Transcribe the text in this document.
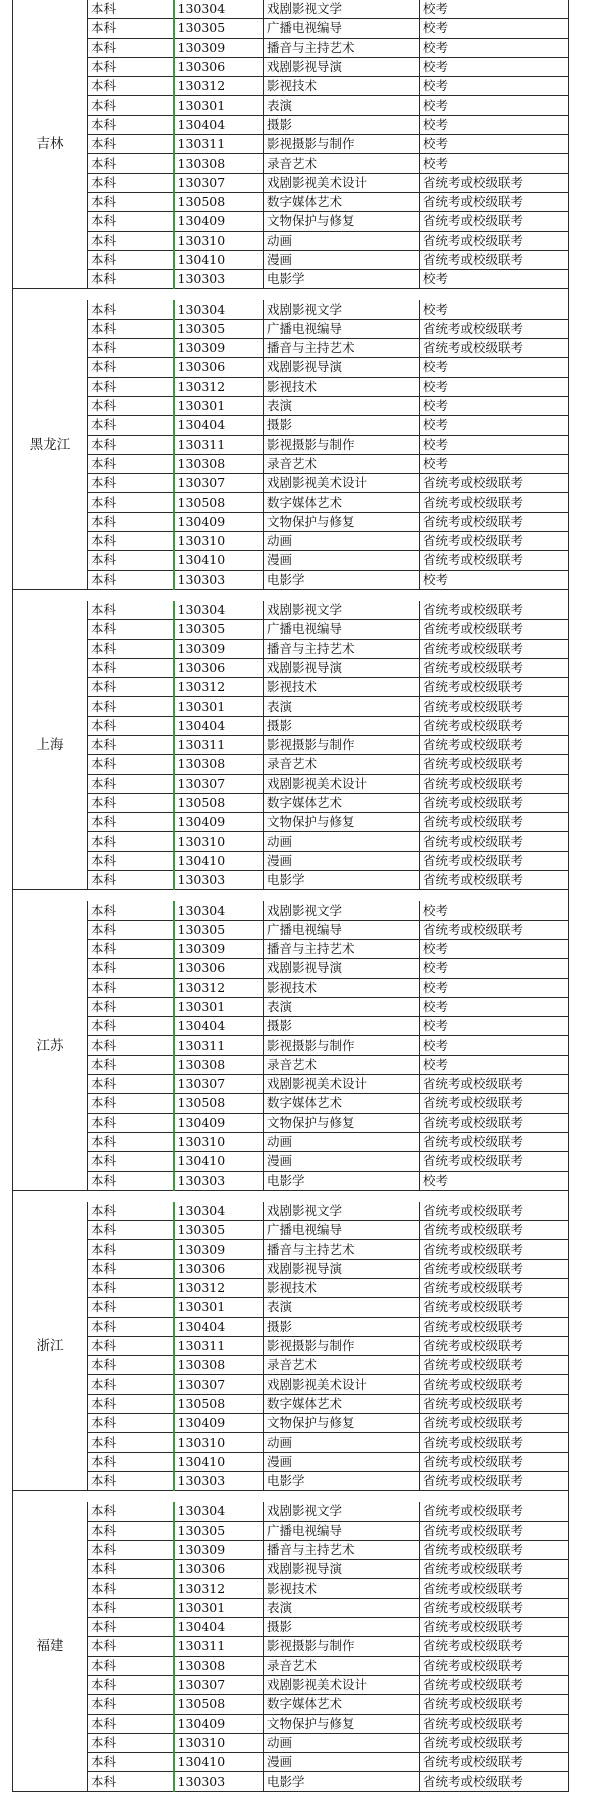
吉林	本科	130304	戏剧影视文学	校考
	本科	130305	广播电视编导	校考
	本科	130309	播音与主持艺术	校考
	本科	130306	戏剧影视导演	校考
	本科	130312	影视技术	校考
	本科	130301	表演	校考
	本科	130404	摄影	校考
	本科	130311	影视摄影与制作	校考
	本科	130308	录音艺术	校考
	本科	130307	戏剧影视美术设计	省统考或校级联考
	本科	130508	数字媒体艺术	省统考或校级联考
	本科	130409	文物保护与修复	省统考或校级联考
	本科	130310	动画	省统考或校级联考
	本科	130410	漫画	省统考或校级联考
	本科	130303	电影学	校考

黑龙江	本科	130304	戏剧影视文学	校考
	本科	130305	广播电视编导	省统考或校级联考
	本科	130309	播音与主持艺术	省统考或校级联考
	本科	130306	戏剧影视导演	校考
	本科	130312	影视技术	校考
	本科	130301	表演	校考
	本科	130404	摄影	校考
	本科	130311	影视摄影与制作	校考
	本科	130308	录音艺术	校考
	本科	130307	戏剧影视美术设计	省统考或校级联考
	本科	130508	数字媒体艺术	省统考或校级联考
	本科	130409	文物保护与修复	省统考或校级联考
	本科	130310	动画	省统考或校级联考
	本科	130410	漫画	省统考或校级联考
	本科	130303	电影学	校考

上海	本科	130304	戏剧影视文学	省统考或校级联考
	本科	130305	广播电视编导	省统考或校级联考
	本科	130309	播音与主持艺术	省统考或校级联考
	本科	130306	戏剧影视导演	省统考或校级联考
	本科	130312	影视技术	省统考或校级联考
	本科	130301	表演	省统考或校级联考
	本科	130404	摄影	省统考或校级联考
	本科	130311	影视摄影与制作	省统考或校级联考
	本科	130308	录音艺术	省统考或校级联考
	本科	130307	戏剧影视美术设计	省统考或校级联考
	本科	130508	数字媒体艺术	省统考或校级联考
	本科	130409	文物保护与修复	省统考或校级联考
	本科	130310	动画	省统考或校级联考
	本科	130410	漫画	省统考或校级联考
	本科	130303	电影学	省统考或校级联考

江苏	本科	130304	戏剧影视文学	校考
	本科	130305	广播电视编导	省统考或校级联考
	本科	130309	播音与主持艺术	校考
	本科	130306	戏剧影视导演	校考
	本科	130312	影视技术	校考
	本科	130301	表演	校考
	本科	130404	摄影	校考
	本科	130311	影视摄影与制作	校考
	本科	130308	录音艺术	校考
	本科	130307	戏剧影视美术设计	省统考或校级联考
	本科	130508	数字媒体艺术	省统考或校级联考
	本科	130409	文物保护与修复	省统考或校级联考
	本科	130310	动画	省统考或校级联考
	本科	130410	漫画	省统考或校级联考
	本科	130303	电影学	校考

浙江	本科	130304	戏剧影视文学	省统考或校级联考
	本科	130305	广播电视编导	省统考或校级联考
	本科	130309	播音与主持艺术	省统考或校级联考
	本科	130306	戏剧影视导演	省统考或校级联考
	本科	130312	影视技术	省统考或校级联考
	本科	130301	表演	省统考或校级联考
	本科	130404	摄影	省统考或校级联考
	本科	130311	影视摄影与制作	省统考或校级联考
	本科	130308	录音艺术	省统考或校级联考
	本科	130307	戏剧影视美术设计	省统考或校级联考
	本科	130508	数字媒体艺术	省统考或校级联考
	本科	130409	文物保护与修复	省统考或校级联考
	本科	130310	动画	省统考或校级联考
	本科	130410	漫画	省统考或校级联考
	本科	130303	电影学	省统考或校级联考

福建	本科	130304	戏剧影视文学	省统考或校级联考
	本科	130305	广播电视编导	省统考或校级联考
	本科	130309	播音与主持艺术	省统考或校级联考
	本科	130306	戏剧影视导演	省统考或校级联考
	本科	130312	影视技术	省统考或校级联考
	本科	130301	表演	省统考或校级联考
	本科	130404	摄影	省统考或校级联考
	本科	130311	影视摄影与制作	省统考或校级联考
	本科	130308	录音艺术	省统考或校级联考
	本科	130307	戏剧影视美术设计	省统考或校级联考
	本科	130508	数字媒体艺术	省统考或校级联考
	本科	130409	文物保护与修复	省统考或校级联考
	本科	130310	动画	省统考或校级联考
	本科	130410	漫画	省统考或校级联考
	本科	130303	电影学	省统考或校级联考
